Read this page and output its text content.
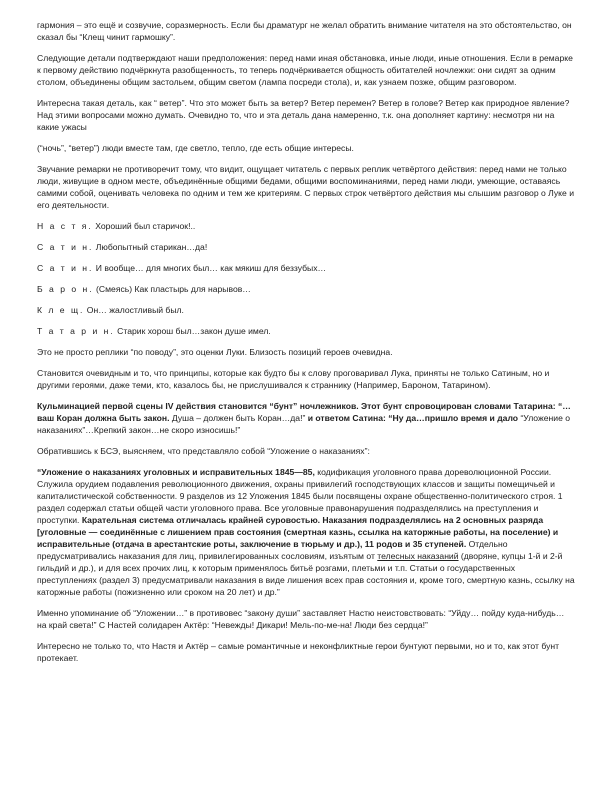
гармония – это ещё и созвучие, соразмерность. Если бы драматург не желал обратить внимание читателя на это обстоятельство, он сказал бы “Клещ чинит гармошку”.

Следующие детали подтверждают наши предположения: перед нами иная обстановка, иные люди, иные отношения. Если в ремарке к первому действию подчёркнута разобщенность, то теперь подчёркивается общность обитателей ночлежки: они сидят за одним столом, объединены общим застольем, общим светом (лампа посреди стола), и, как узнаем позже, общим разговором.

Интересна такая деталь, как “ ветер”. Что это может быть за ветер? Ветер перемен? Ветер в голове? Ветер как природное явление? Над этими вопросами можно думать. Очевидно то, что и эта деталь дана намеренно, т.к. она дополняет картину: несмотря ни на какие ужасы

(“ночь”, “ветер”) люди вместе там, где светло, тепло, где есть общие интересы.

Звучание ремарки не противоречит тому, что видит, ощущает читатель с первых реплик четвёртого действия: перед нами не только люди, живущие в одном месте, объединённые общими бедами, общими воспоминаниями, перед нами люди, умеющие, оставаясь самими собой, оценивать человека по одним и тем же критериям. С первых строк четвёртого действия мы слышим разговор о Луке и его деятельности.

Н а с т я. Хороший был старичок!..

С а т и н. Любопытный старикан…да!

С а т и н. И вообще… для многих был… как мякиш для беззубых…

Б а р о н. (Смеясь) Как пластырь для нарывов…

К л е щ. Он… жалостливый был.

Т а т а р и н. Старик хорош был…закон душе имел.

Это не просто реплики “по поводу”, это оценки Луки. Близость позиций героев очевидна.

Становится очевидным и то, что принципы, которые как будто бы к слову проговаривал Лука, приняты не только Сатиным, но и другими героями, даже теми, кто, казалось бы, не прислушивался к страннику (Например, Бароном, Татарином).

Кульминацией первой сцены IV действия становится “бунт” ночлежников. Этот бунт спровоцирован словами Татарина: “…ваш Коран должна быть закон. Душа – должен быть Коран…да!” и ответом Сатина: “Ну да…пришло время и дало “Уложение о наказаниях”…Крепкий закон…не скоро износишь!”

Обратившись к БСЭ, выясняем, что представляло собой “Уложение о наказаниях”:

“Уложение о наказаниях уголовных и исправительных 1845—85, кодификация уголовного права дореволюционной России. Служила орудием подавления революционного движения, охраны привилегий господствующих классов и защиты помещичьей и капиталистической собственности. 9 разделов из 12 Уложения 1845 были посвящены охране общественно-политического строя. 1 раздел содержал статьи общей части уголовного права. Все уголовные правонарушения подразделялись на преступления и проступки. Карательная система отличалась крайней суровостью. Наказания подразделялись на 2 основных разряда [уголовные — соединённые с лишением прав состояния (смертная казнь, ссылка на каторжные работы, на поселение) и исправительные (отдача в арестантские роты, заключение в тюрьму и др.), 11 родов и 35 ступеней. Отдельно предусматривались наказания для лиц, привилегированных сословиям, изъятым от телесных наказаний (дворяне, купцы 1-й и 2-й гильдий и др.), и для всех прочих лиц, к которым применялось битьё розгами, плетьми и т.п. Статьи о государственных преступлениях (раздел 3) предусматривали наказания в виде лишения всех прав состояния и, кроме того, смертную казнь, ссылку на каторжные работы (пожизненно или сроком на 20 лет) и др.”

Именно упоминание об “Уложении…” в противовес “закону души” заставляет Настю неистовствовать: “Уйду… пойду куда-нибудь… на край света!” С Настей солидарен Актёр: “Невежды! Дикари! Мель-по-ме-на! Люди без сердца!”

Интересно не только то, что Настя и Актёр – самые романтичные и неконфликтные герои бунтуют первыми, но и то, как этот бунт протекает.
